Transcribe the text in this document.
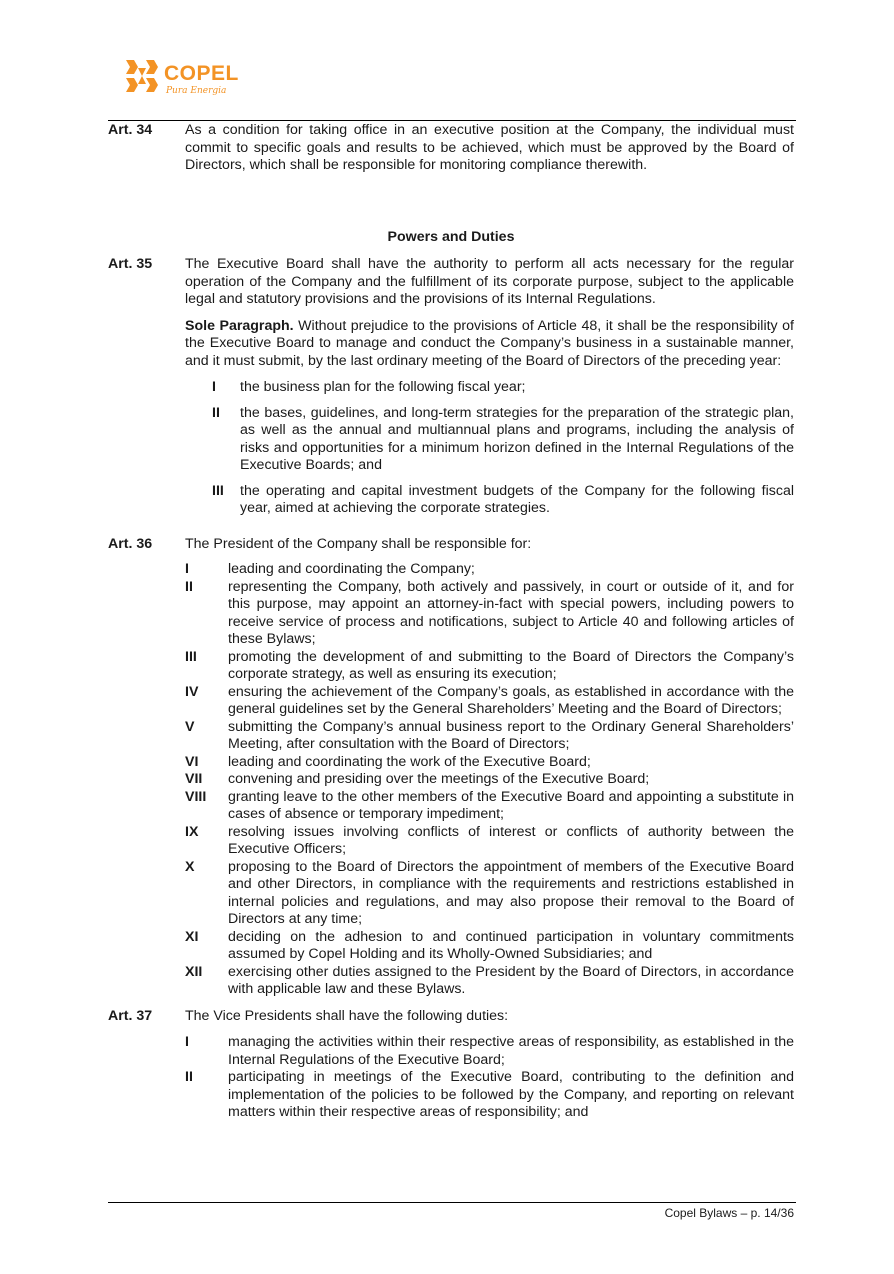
COPEL
Pura Energia
Art. 34	As a condition for taking office in an executive position at the Company, the individual must commit to specific goals and results to be achieved, which must be approved by the Board of Directors, which shall be responsible for monitoring compliance therewith.

Powers and Duties
Art. 35	The Executive Board shall have the authority to perform all acts necessary for the regular operation of the Company and the fulfillment of its corporate purpose, subject to the applicable legal and statutory provisions and the provisions of its Internal Regulations.

Sole Paragraph. Without prejudice to the provisions of Article 48, it shall be the responsibility of the Executive Board to manage and conduct the Company’s business in a sustainable manner, and it must submit, by the last ordinary meeting of the Board of Directors of the preceding year:

I	the business plan for the following fiscal year;
II	the bases, guidelines, and long-term strategies for the preparation of the strategic plan, as well as the annual and multiannual plans and programs, including the analysis of risks and opportunities for a minimum horizon defined in the Internal Regulations of the Executive Boards; and
III	the operating and capital investment budgets of the Company for the following fiscal year, aimed at achieving the corporate strategies.
Art. 36	The President of the Company shall be responsible for:

I	leading and coordinating the Company;
II	representing the Company, both actively and passively, in court or outside of it, and for this purpose, may appoint an attorney-in-fact with special powers, including powers to receive service of process and notifications, subject to Article 40 and following articles of these Bylaws;
III	promoting the development of and submitting to the Board of Directors the Company’s corporate strategy, as well as ensuring its execution;
IV	ensuring the achievement of the Company’s goals, as established in accordance with the general guidelines set by the General Shareholders’ Meeting and the Board of Directors;
V	submitting the Company’s annual business report to the Ordinary General Shareholders’ Meeting, after consultation with the Board of Directors;
VI	leading and coordinating the work of the Executive Board;
VII	convening and presiding over the meetings of the Executive Board;
VIII	granting leave to the other members of the Executive Board and appointing a substitute in cases of absence or temporary impediment;
IX	resolving issues involving conflicts of interest or conflicts of authority between the Executive Officers;
X	proposing to the Board of Directors the appointment of members of the Executive Board and other Directors, in compliance with the requirements and restrictions established in internal policies and regulations, and may also propose their removal to the Board of Directors at any time;
XI	deciding on the adhesion to and continued participation in voluntary commitments assumed by Copel Holding and its Wholly-Owned Subsidiaries; and
XII	exercising other duties assigned to the President by the Board of Directors, in accordance with applicable law and these Bylaws.
Art. 37	The Vice Presidents shall have the following duties:

I	managing the activities within their respective areas of responsibility, as established in the Internal Regulations of the Executive Board;
II	participating in meetings of the Executive Board, contributing to the definition and implementation of the policies to be followed by the Company, and reporting on relevant matters within their respective areas of responsibility; and
Copel Bylaws – p. 14/36
